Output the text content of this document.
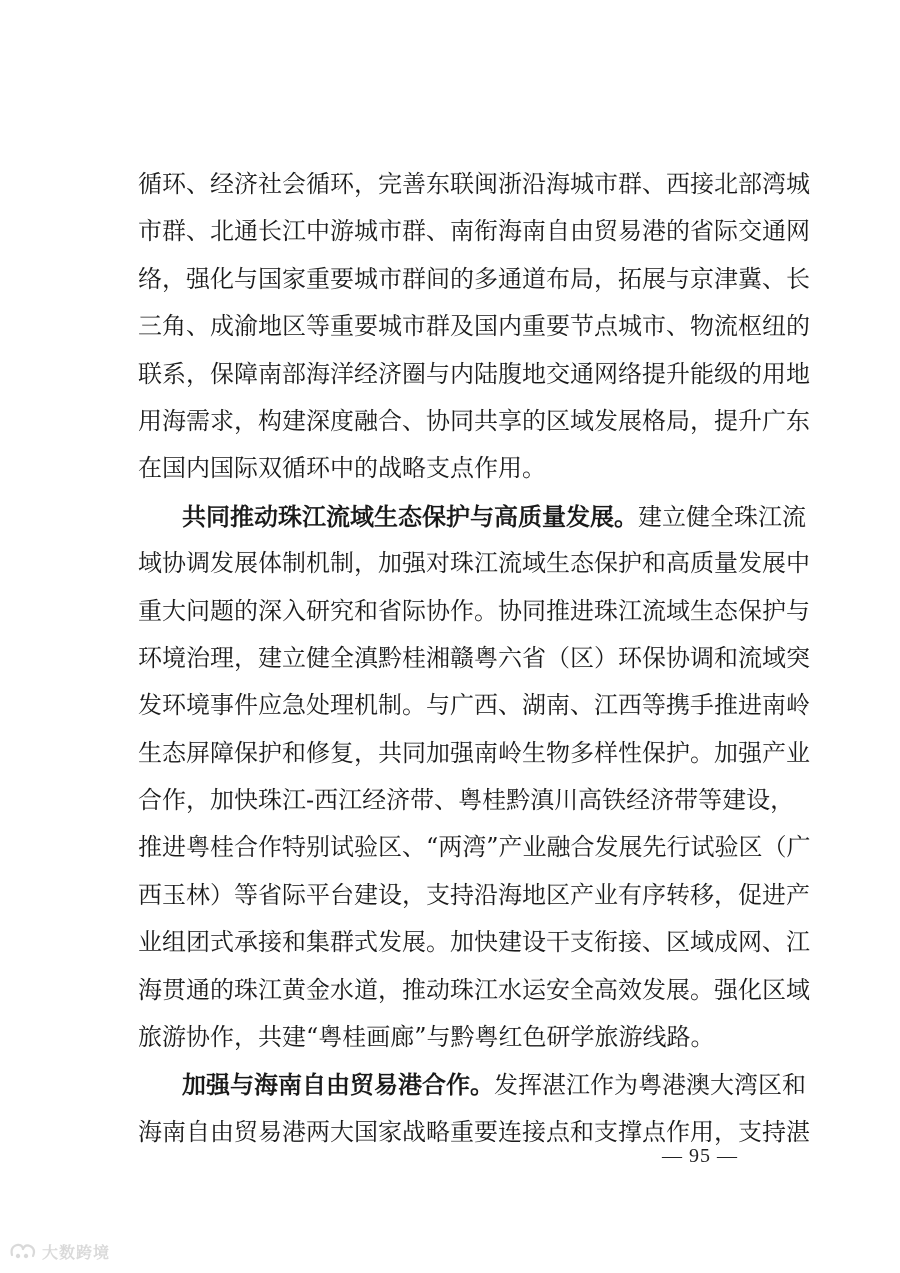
循环、经济社会循环，完善东联闽浙沿海城市群、西接北部湾城
市群、北通长江中游城市群、南衔海南自由贸易港的省际交通网
络，强化与国家重要城市群间的多通道布局，拓展与京津冀、长
三角、成渝地区等重要城市群及国内重要节点城市、物流枢纽的
联系，保障南部海洋经济圈与内陆腹地交通网络提升能级的用地
用海需求，构建深度融合、协同共享的区域发展格局，提升广东
在国内国际双循环中的战略支点作用。
共同推动珠江流域生态保护与高质量发展。建立健全珠江流
域协调发展体制机制，加强对珠江流域生态保护和高质量发展中
重大问题的深入研究和省际协作。协同推进珠江流域生态保护与
环境治理，建立健全滇黔桂湘赣粤六省（区）环保协调和流域突
发环境事件应急处理机制。与广西、湖南、江西等携手推进南岭
生态屏障保护和修复，共同加强南岭生物多样性保护。加强产业
合作，加快珠江-西江经济带、粤桂黔滇川高铁经济带等建设，
推进粤桂合作特别试验区、“两湾”产业融合发展先行试验区（广
西玉林）等省际平台建设，支持沿海地区产业有序转移，促进产
业组团式承接和集群式发展。加快建设干支衔接、区域成网、江
海贯通的珠江黄金水道，推动珠江水运安全高效发展。强化区域
旅游协作，共建“粤桂画廊”与黔粤红色研学旅游线路。
加强与海南自由贸易港合作。发挥湛江作为粤港澳大湾区和
海南自由贸易港两大国家战略重要连接点和支撑点作用，支持湛
— 95 —
大数跨境
